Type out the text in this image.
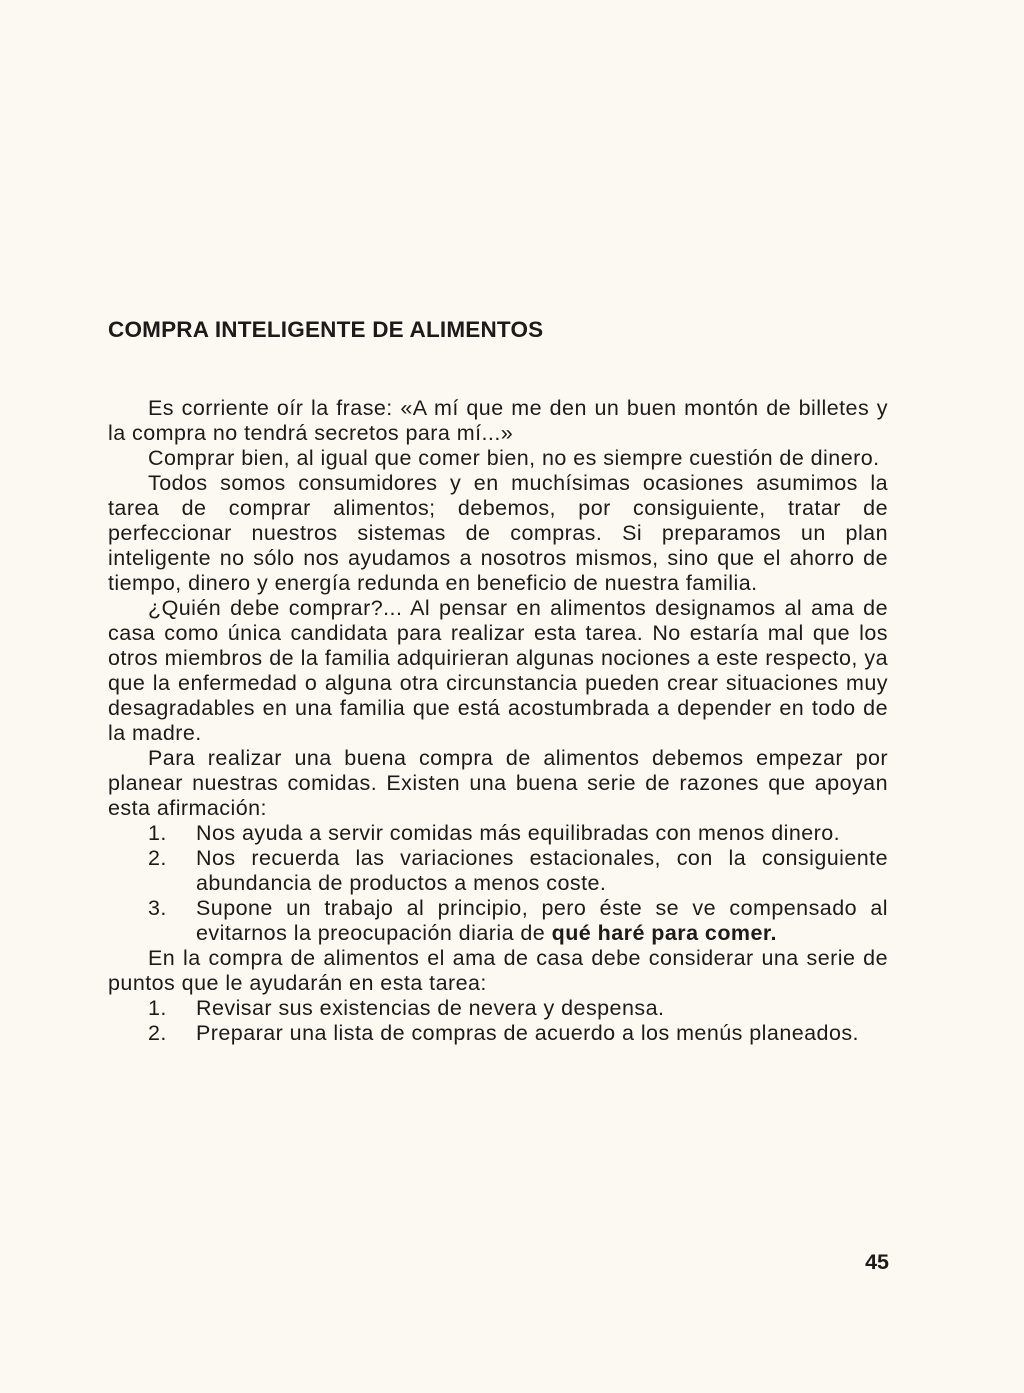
COMPRA INTELIGENTE DE ALIMENTOS

Es corriente oír la frase: «A mí que me den un buen montón de billetes y la compra no tendrá secretos para mí...»

Comprar bien, al igual que comer bien, no es siempre cuestión de dinero.

Todos somos consumidores y en muchísimas ocasiones asumimos la tarea de comprar alimentos; debemos, por consiguiente, tratar de perfeccionar nuestros sistemas de compras. Si preparamos un plan inteligente no sólo nos ayudamos a nosotros mismos, sino que el ahorro de tiempo, dinero y energía redunda en beneficio de nuestra familia.

¿Quién debe comprar?... Al pensar en alimentos designamos al ama de casa como única candidata para realizar esta tarea. No estaría mal que los otros miembros de la familia adquirieran algunas nociones a este respecto, ya que la enfermedad o alguna otra circunstancia pueden crear situaciones muy desagradables en una familia que está acostumbrada a depender en todo de la madre.

Para realizar una buena compra de alimentos debemos empezar por planear nuestras comidas. Existen una buena serie de razones que apoyan esta afirmación:

1. Nos ayuda a servir comidas más equilibradas con menos dinero.
2. Nos recuerda las variaciones estacionales, con la consiguiente abundancia de productos a menos coste.
3. Supone un trabajo al principio, pero éste se ve compensado al evitarnos la preocupación diaria de qué haré para comer.

En la compra de alimentos el ama de casa debe considerar una serie de puntos que le ayudarán en esta tarea:

1. Revisar sus existencias de nevera y despensa.
2. Preparar una lista de compras de acuerdo a los menús planeados.
45
